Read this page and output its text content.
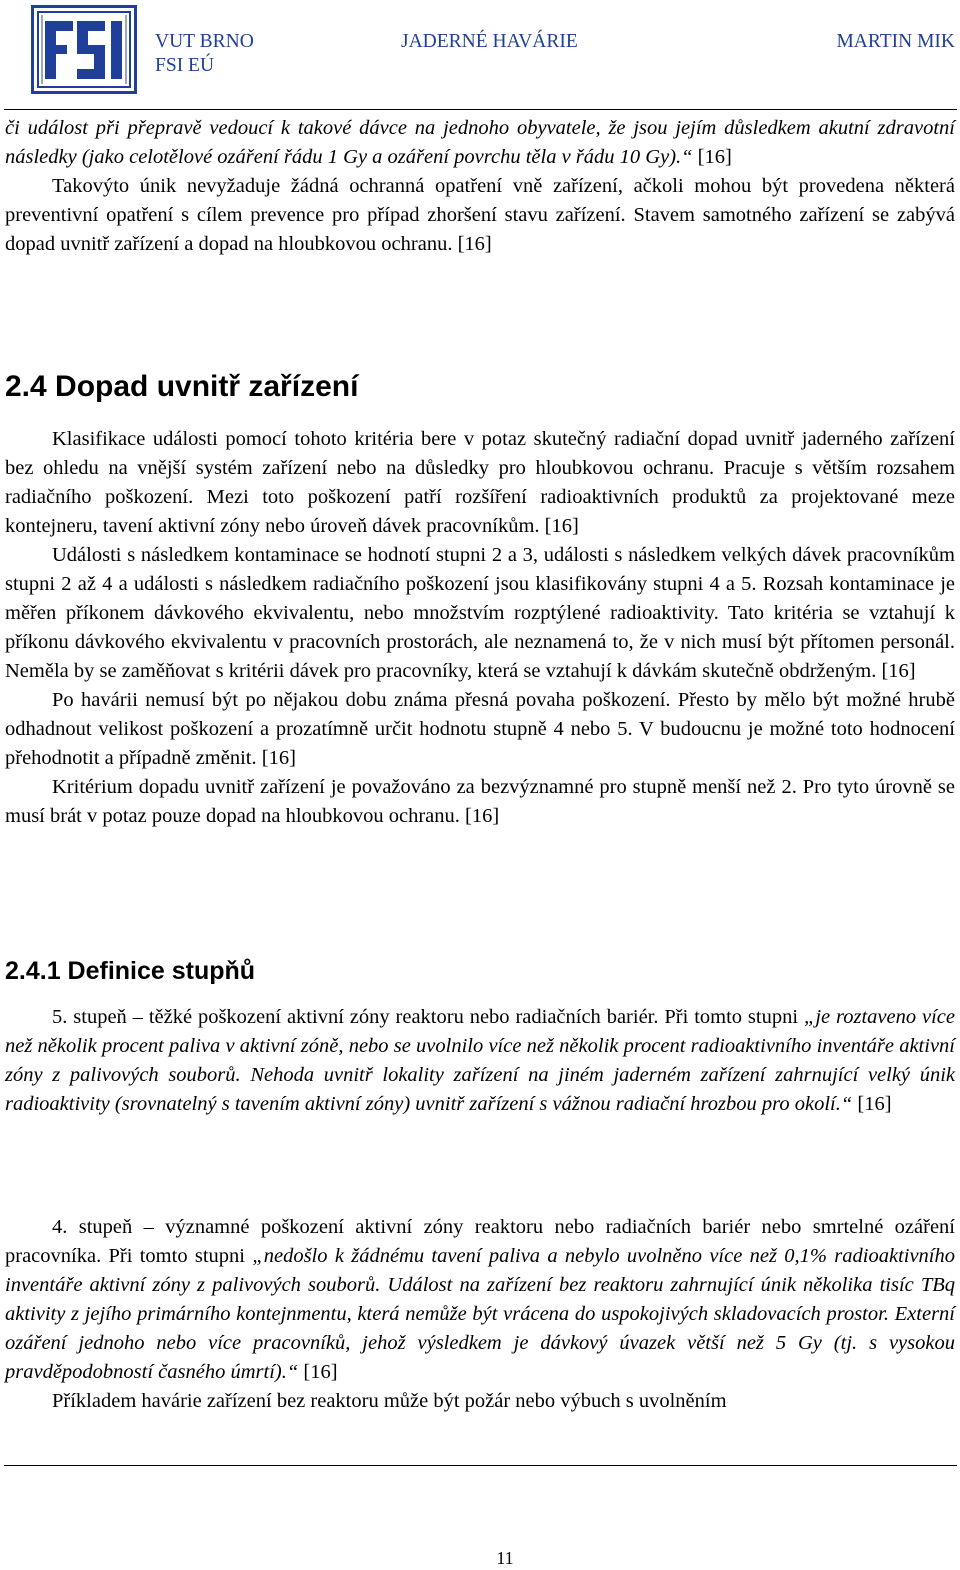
VUT BRNO
FSI EÚ
JADERNÉ HAVÁRIE	MARTIN MIK

či událost při přepravě vedoucí k takové dávce na jednoho obyvatele, že jsou jejím důsledkem akutní zdravotní následky (jako celotělové ozáření řádu 1 Gy a ozáření povrchu těla v řádu 10 Gy).“ [16]

Takovýto únik nevyžaduje žádná ochranná opatření vně zařízení, ačkoli mohou být provedena některá preventivní opatření s cílem prevence pro případ zhoršení stavu zařízení. Stavem samotného zařízení se zabývá dopad uvnitř zařízení a dopad na hloubkovou ochranu. [16]

2.4 Dopad uvnitř zařízení

Klasifikace události pomocí tohoto kritéria bere v potaz skutečný radiační dopad uvnitř jaderného zařízení bez ohledu na vnější systém zařízení nebo na důsledky pro hloubkovou ochranu. Pracuje s větším rozsahem radiačního poškození. Mezi toto poškození patří rozšíření radioaktivních produktů za projektované meze kontejneru, tavení aktivní zóny nebo úroveň dávek pracovníkům. [16]

Události s následkem kontaminace se hodnotí stupni 2 a 3, události s následkem velkých dávek pracovníkům stupni 2 až 4 a události s následkem radiačního poškození jsou klasifikovány stupni 4 a 5. Rozsah kontaminace je měřen příkonem dávkového ekvivalentu, nebo množstvím rozptýlené radioaktivity. Tato kritéria se vztahují k příkonu dávkového ekvivalentu v pracovních prostorách, ale neznamená to, že v nich musí být přítomen personál. Neměla by se zaměňovat s kritérii dávek pro pracovníky, která se vztahují k dávkám skutečně obdrženým. [16]

Po havárii nemusí být po nějakou dobu známa přesná povaha poškození. Přesto by mělo být možné hrubě odhadnout velikost poškození a prozatímně určit hodnotu stupně 4 nebo 5. V budoucnu je možné toto hodnocení přehodnotit a případně změnit. [16]

Kritérium dopadu uvnitř zařízení je považováno za bezvýznamné pro stupně menší než 2. Pro tyto úrovně se musí brát v potaz pouze dopad na hloubkovou ochranu. [16]

2.4.1 Definice stupňů

5. stupeň – těžké poškození aktivní zóny reaktoru nebo radiačních bariér. Při tomto stupni „je roztaveno více než několik procent paliva v aktivní zóně, nebo se uvolnilo více než několik procent radioaktivního inventáře aktivní zóny z palivových souborů. Nehoda uvnitř lokality zařízení na jiném jaderném zařízení zahrnující velký únik radioaktivity (srovnatelný s tavením aktivní zóny) uvnitř zařízení s vážnou radiační hrozbou pro okolí.“ [16]

4. stupeň – významné poškození aktivní zóny reaktoru nebo radiačních bariér nebo smrtelné ozáření pracovníka. Při tomto stupni „nedošlo k žádnému tavení paliva a nebylo uvolněno více než 0,1% radioaktivního inventáře aktivní zóny z palivových souborů. Událost na zařízení bez reaktoru zahrnující únik několika tisíc TBq aktivity z jejího primárního kontejnmentu, která nemůže být vrácena do uspokojivých skladovacích prostor. Externí ozáření jednoho nebo více pracovníků, jehož výsledkem je dávkový úvazek větší než 5 Gy (tj. s vysokou pravděpodobností časného úmrtí).“ [16]

Příkladem havárie zařízení bez reaktoru může být požár nebo výbuch s uvolněním

11
